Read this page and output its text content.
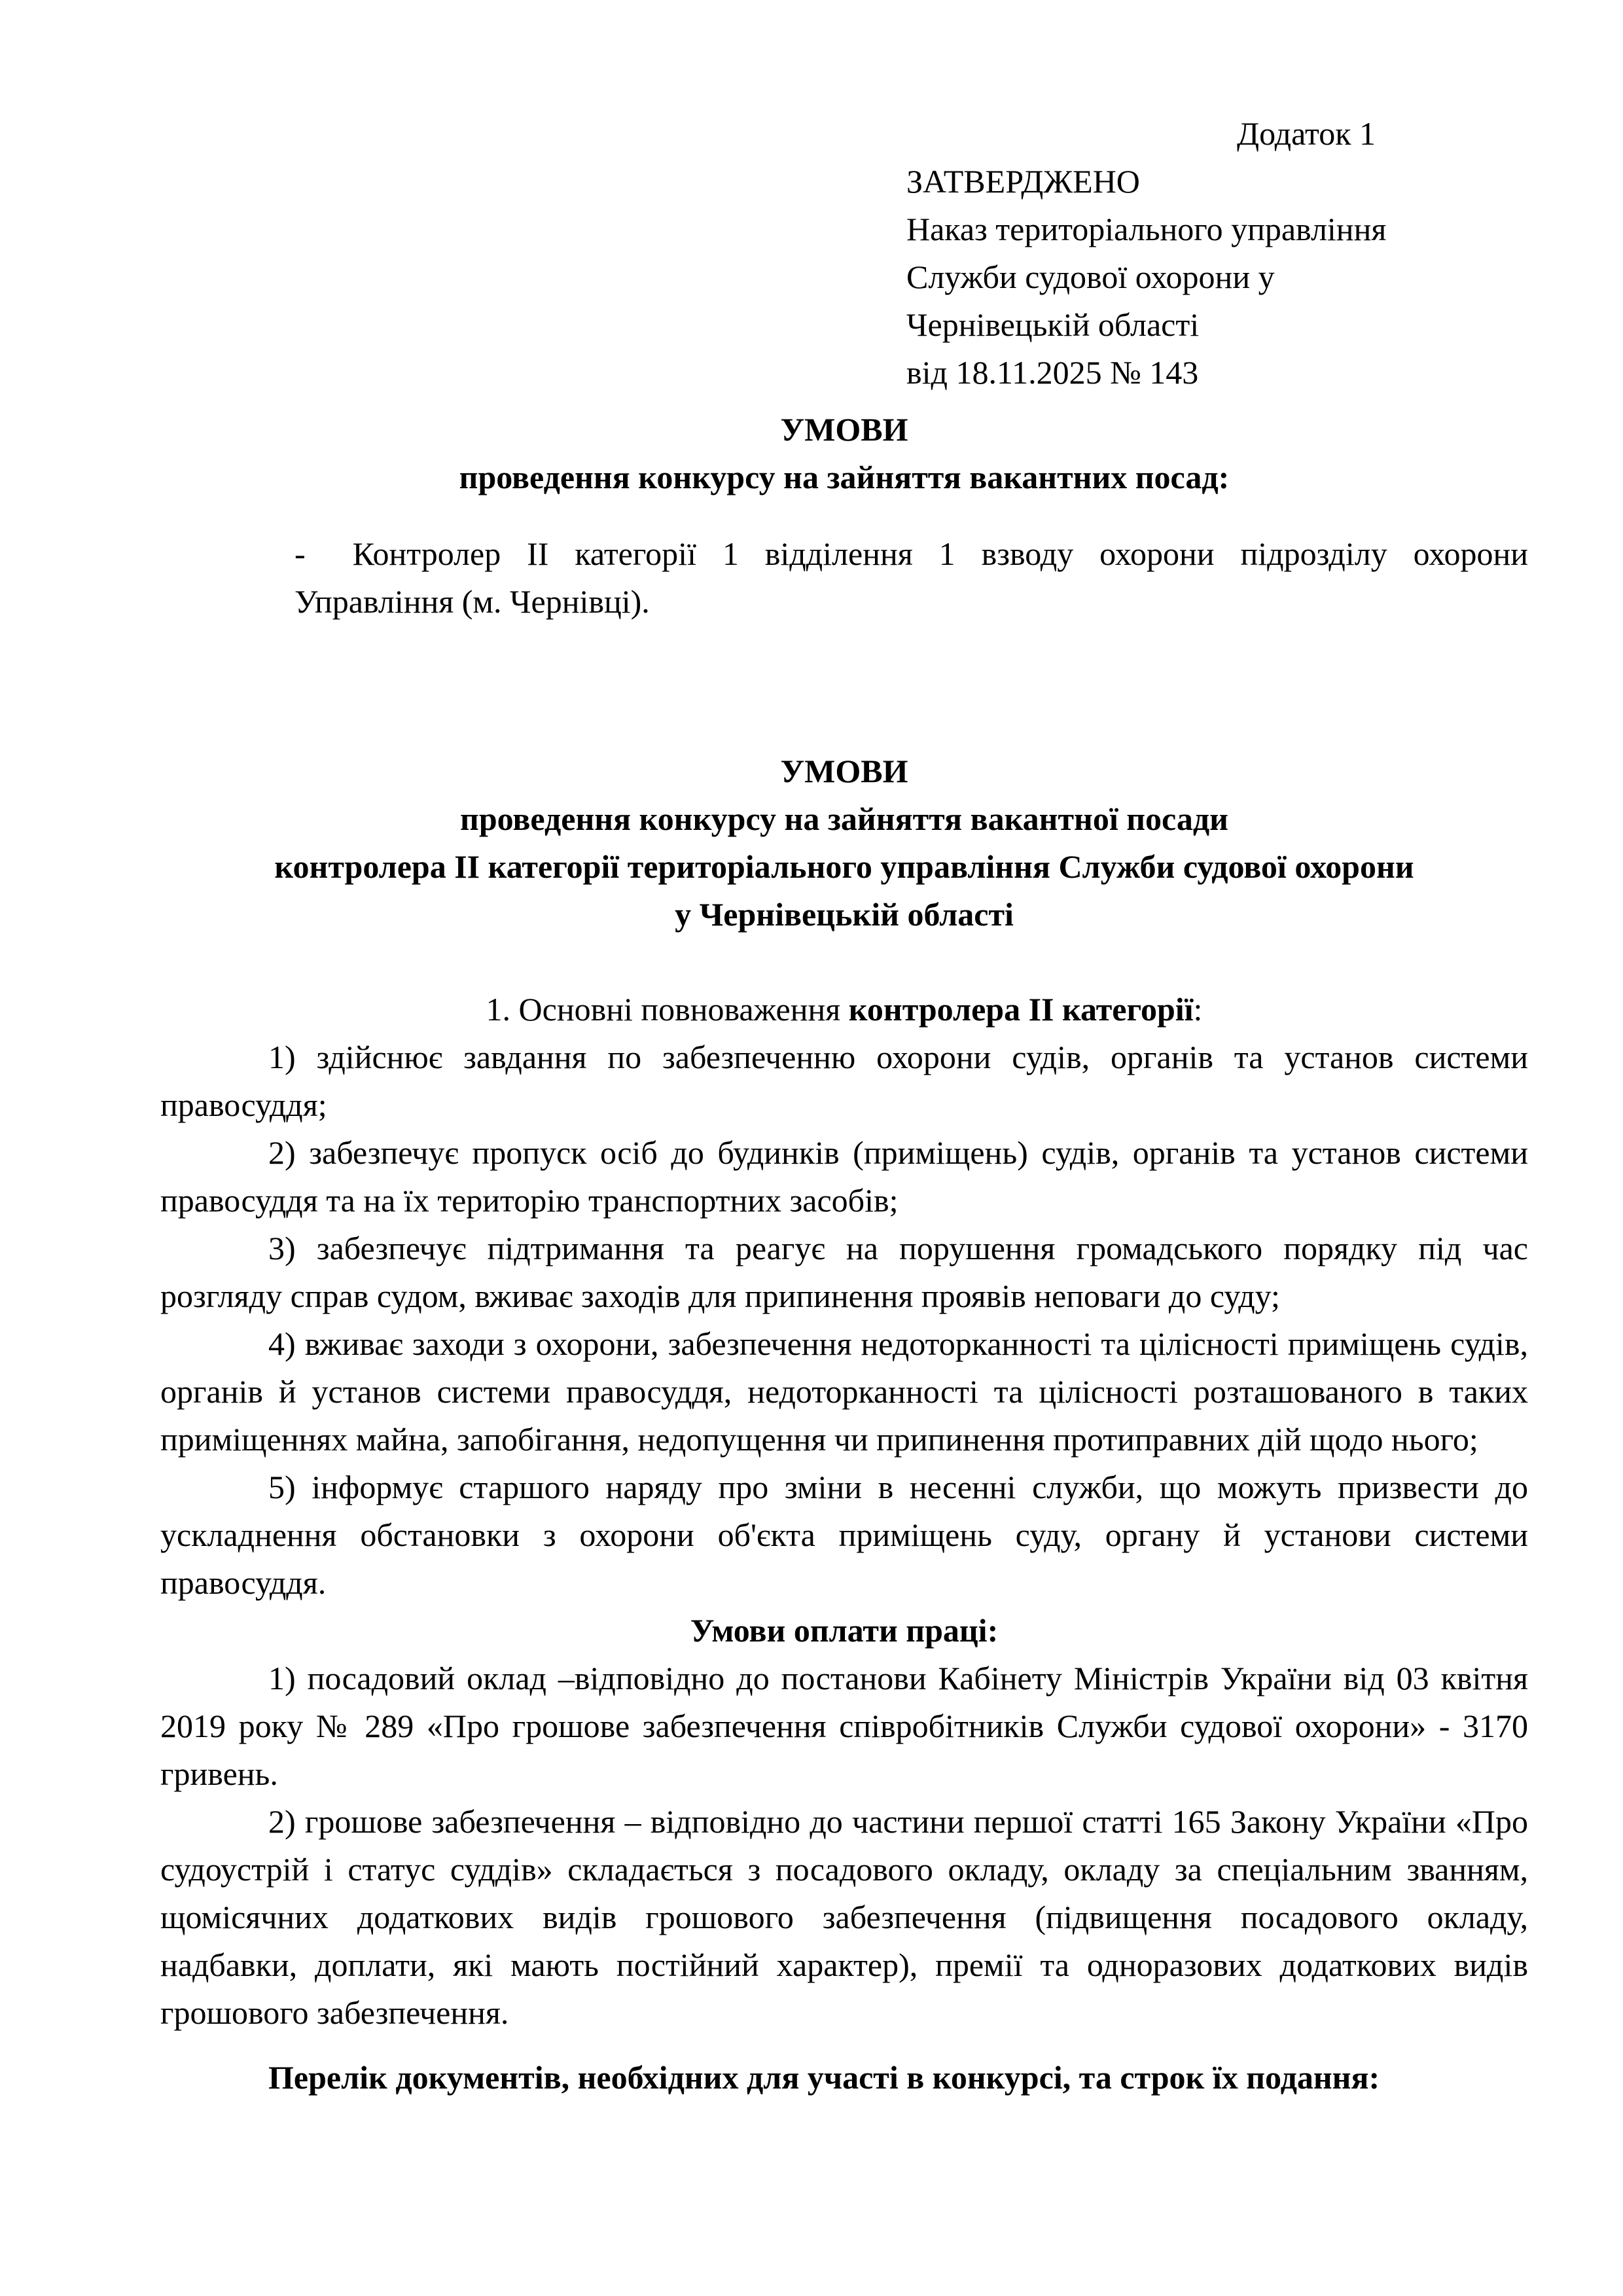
Додаток 1
ЗАТВЕРДЖЕНО
Наказ територіального управління
Служби судової охорони у
Чернівецькій області
від 18.11.2025 № 143
УМОВИ
проведення конкурсу на зайняття вакантних посад:
- Контролер ІІ категорії 1 відділення 1 взводу охорони підрозділу охорони Управління (м. Чернівці).
УМОВИ
проведення конкурсу на зайняття вакантної посади
контролера ІІ категорії територіального управління Служби судової охорони
у Чернівецькій області
1. Основні повноваження контролера ІІ категорії:

1) здійснює завдання по забезпеченню охорони судів, органів та установ системи правосуддя;

2) забезпечує пропуск осіб до будинків (приміщень) судів, органів та установ системи правосуддя та на їх територію транспортних засобів;

3) забезпечує підтримання та реагує на порушення громадського порядку під час розгляду справ судом, вживає заходів для припинення проявів неповаги до суду;

4) вживає заходи з охорони, забезпечення недоторканності та цілісності приміщень судів, органів й установ системи правосуддя, недоторканності та цілісності розташованого в таких приміщеннях майна, запобігання, недопущення чи припинення протиправних дій щодо нього;

5) інформує старшого наряду про зміни в несенні служби, що можуть призвести до ускладнення обстановки з охорони об'єкта приміщень суду, органу й установи системи правосуддя.

Умови оплати праці:

1) посадовий оклад –відповідно до постанови Кабінету Міністрів України від 03 квітня 2019 року № 289 «Про грошове забезпечення співробітників Служби судової охорони» - 3170 гривень.

2) грошове забезпечення – відповідно до частини першої статті 165 Закону України «Про судоустрій і статус суддів» складається з посадового окладу, окладу за спеціальним званням, щомісячних додаткових видів грошового забезпечення (підвищення посадового окладу, надбавки, доплати, які мають постійний характер), премії та одноразових додаткових видів грошового забезпечення.

Перелік документів, необхідних для участі в конкурсі, та строк їх подання:
